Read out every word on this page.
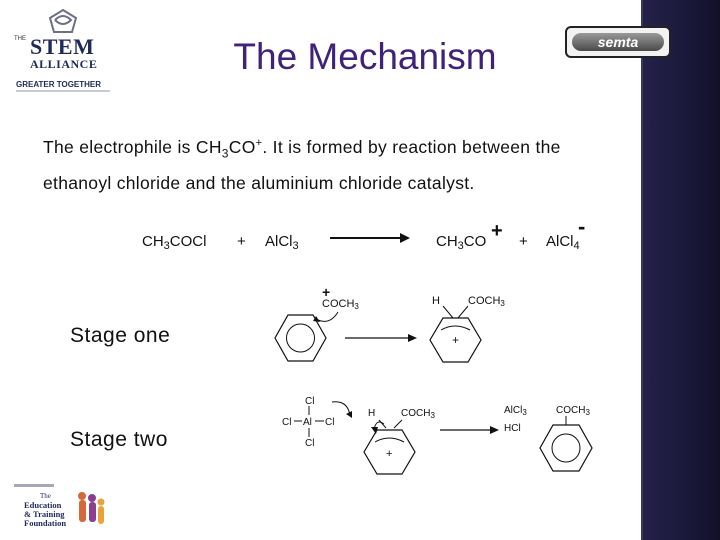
THE STEM
ALLIANCE
GREATER TOGETHER
The Mechanism	semta
The electrophile is $CH_3CO^+$. It is formed by reaction between the ethanoyl chloride and the aluminium chloride catalyst.
$CH_3COCl$ + AlCl$_3$	$CH_3CO$ + + AlCl$_4$
-
+
COCH3	H	COCH3
+
Cl
Cl Al Cl
Cl
H	$COCH_3$
+
AlCl$_3$
HCl
$COCH_3$
Stage one
Stage two
The
Education
& Training
Foundation
